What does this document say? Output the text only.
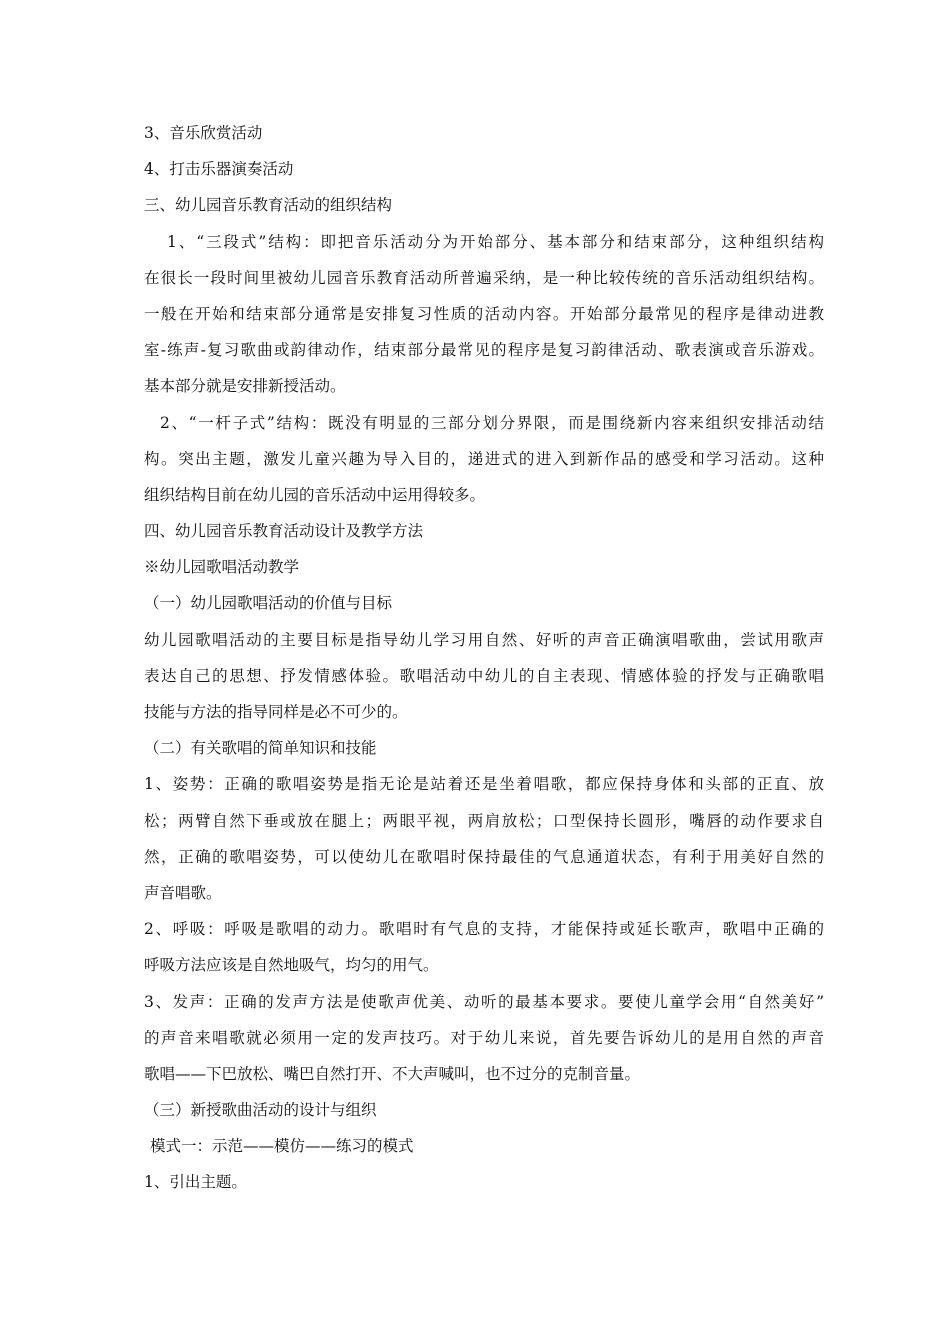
3、音乐欣赏活动
4、打击乐器演奏活动
三、幼儿园音乐教育活动的组织结构
1、“三段式”结构：即把音乐活动分为开始部分、基本部分和结束部分，这种组织结构
在很长一段时间里被幼儿园音乐教育活动所普遍采纳，是一种比较传统的音乐活动组织结构。
一般在开始和结束部分通常是安排复习性质的活动内容。开始部分最常见的程序是律动进教
室-练声-复习歌曲或韵律动作，结束部分最常见的程序是复习韵律活动、歌表演或音乐游戏。
基本部分就是安排新授活动。
2、“一杆子式”结构：既没有明显的三部分划分界限，而是围绕新内容来组织安排活动结
构。突出主题，激发儿童兴趣为导入目的，递进式的进入到新作品的感受和学习活动。这种
组织结构目前在幼儿园的音乐活动中运用得较多。
四、幼儿园音乐教育活动设计及教学方法
※幼儿园歌唱活动教学
（一）幼儿园歌唱活动的价值与目标
幼儿园歌唱活动的主要目标是指导幼儿学习用自然、好听的声音正确演唱歌曲，尝试用歌声
表达自己的思想、抒发情感体验。歌唱活动中幼儿的自主表现、情感体验的抒发与正确歌唱
技能与方法的指导同样是必不可少的。
（二）有关歌唱的简单知识和技能
1、姿势：正确的歌唱姿势是指无论是站着还是坐着唱歌，都应保持身体和头部的正直、放
松；两臂自然下垂或放在腿上；两眼平视，两肩放松；口型保持长圆形，嘴唇的动作要求自
然，正确的歌唱姿势，可以使幼儿在歌唱时保持最佳的气息通道状态，有利于用美好自然的
声音唱歌。
2、呼吸：呼吸是歌唱的动力。歌唱时有气息的支持，才能保持或延长歌声，歌唱中正确的
呼吸方法应该是自然地吸气，均匀的用气。
3、发声：正确的发声方法是使歌声优美、动听的最基本要求。要使儿童学会用“自然美好”
的声音来唱歌就必须用一定的发声技巧。对于幼儿来说，首先要告诉幼儿的是用自然的声音
歌唱——下巴放松、嘴巴自然打开、不大声喊叫，也不过分的克制音量。
（三）新授歌曲活动的设计与组织
模式一：示范——模仿——练习的模式
1、引出主题。
